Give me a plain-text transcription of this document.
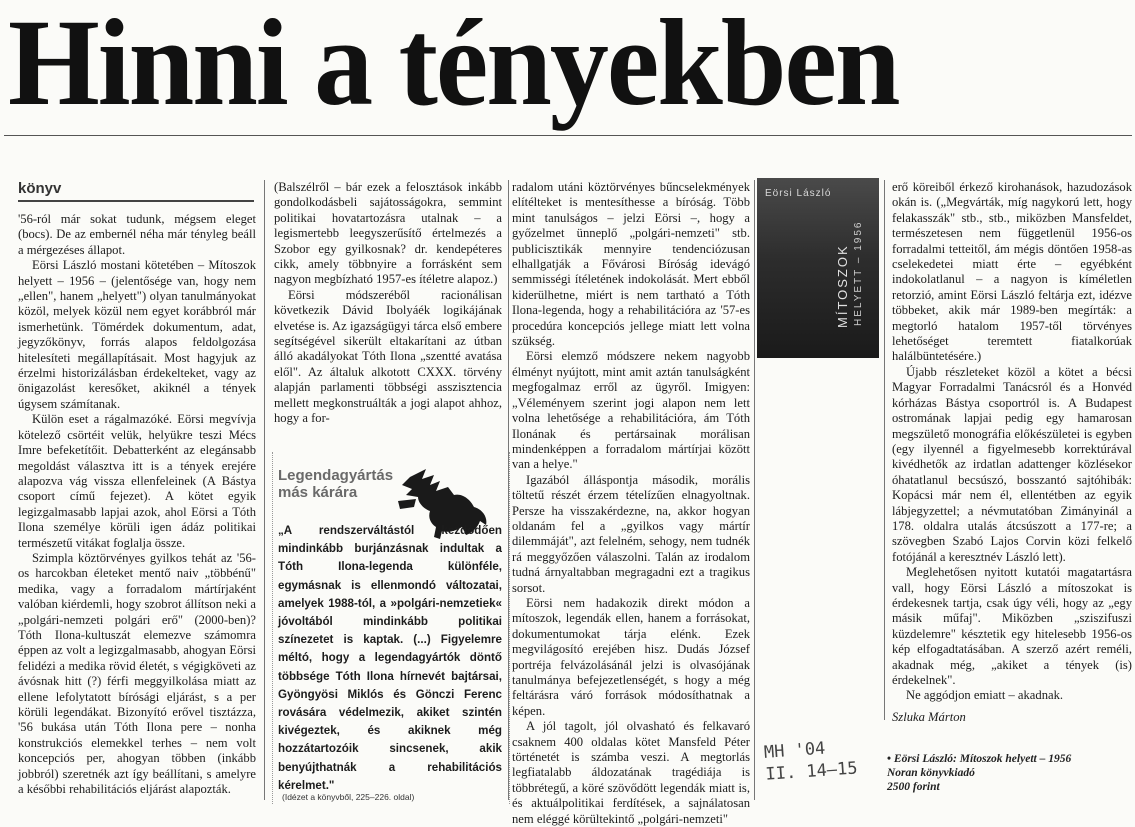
Hinni a tényekben
könyv

'56-ról már sokat tudunk, mégsem eleget (bocs). De az embernél néha már tényleg beáll a mérgezéses állapot.

Eörsi László mostani kötetében – Mítoszok helyett – 1956 – (jelentősége van, hogy nem „ellen", hanem „helyett") olyan tanulmányokat közöl, melyek közül nem egyet korábbról már ismerhetünk. Tömérdek dokumentum, adat, jegyzőkönyv, forrás alapos feldolgozása hitelesíteti megállapításait. Most hagyjuk az érzelmi historizálásban érdekelteket, vagy az önigazolást keresőket, akiknél a tények úgysem számítanak.

Külön eset a rágalmazóké. Eörsi megvívja kötelező csörtéit velük, helyükre teszi Mécs Imre befeketítőit. Debatterként az elegánsabb megoldást választva itt is a tények erejére alapozva vág vissza ellenfeleinek (A Bástya csoport című fejezet). A kötet egyik legizgalmasabb lapjai azok, ahol Eörsi a Tóth Ilona személye körüli igen ádáz politikai természetű vitákat foglalja össze.

Szimpla köztörvényes gyilkos tehát az '56-os harcokban életeket mentő naiv „többénű" medika, vagy a forradalom mártírjaként valóban kiérdemli, hogy szobrot állítson neki a „polgári-nemzeti polgári erő" (2000-ben)? Tóth Ilona-kultuszát elemezve számomra éppen az volt a legizgalmasabb, ahogyan Eörsi felidézi a medika rövid életét, s végigköveti az ávósnak hitt (?) férfi meggyilkolása miatt az ellene lefolytatott bírósági eljárást, s a per körüli legendákat. Bizonyító erővel tisztázza, '56 bukása után Tóth Ilona pere – nonha konstrukciós elemekkel terhes – nem volt koncepciós per, ahogyan többen (inkább jobbról) szeretnék azt így beállítani, s amelyre a későbbi rehabilitációs eljárást alapozták.

(Balszélről – bár ezek a felosztások inkább gondolkodásbeli sajátosságokra, semmint politikai hovatartozásra utalnak – a legismertebb leegyszerűsítő értelmezés a Szobor egy gyilkosnak? dr. kendepéteres cikk, amely többnyire a forrásként sem nagyon megbízható 1957-es ítéletre alapoz.)

Eörsi módszeréből racionálisan következik Dávid Ibolyáék logikájának elvetése is. Az igazságügyi tárca első embere segítségével sikerült eltakarítani az útban álló akadályokat Tóth Ilona „szentté avatása elől". Az általuk alkotott CXXX. törvény alapján parlamenti többségi asszisztencia mellett megkonstruálták a jogi alapot ahhoz, hogy a for-

Legendagyártás más kárára
„A rendszerváltástól kezdődően mindinkább burjánzásnak indultak a Tóth Ilona-legenda különféle, egymásnak is ellenmondó változatai, amelyek 1988-tól, a »polgári-nemzetiek« jóvoltából mindinkább politikai színezetet is kaptak. (...) Figyelemre méltó, hogy a legendagyártók döntő többsége Tóth Ilona hírnevét bajtársai, Gyöngyösi Miklós és Gönczi Ferenc rovására védelmezik, akiket szintén kivégeztek, és akiknek még hozzátartozóik sincsenek, akik benyújthatnák a rehabilitációs kérelmet."
(Idézet a könyvből, 225–226. oldal)

radalom utáni köztörvényes bűncselekmények elítélteket is mentesíthesse a bíróság. Több mint tanulságos – jelzi Eörsi –, hogy a győzelmet ünneplő „polgári-nemzeti" stb. publicisztikák mennyire tendenciózusan elhallgatják a Fővárosi Bíróság idevágó semmisségi ítéletének indokolását. Mert ebből kiderülhetne, miért is nem tartható a Tóth Ilona-legenda, hogy a rehabilitációra az '57-es procedúra koncepciós jellege miatt lett volna szükség.

Eörsi elemző módszere nekem nagyobb élményt nyújtott, mint amit aztán tanulságként megfogalmaz erről az ügyről. Imigyen: „Véleményem szerint jogi alapon nem lett volna lehetősége a rehabilitációra, ám Tóth Ilonának és pertársainak morálisan mindenképpen a forradalom mártírjai között van a helye."

Igazából álláspontja második, morális töltetű részét érzem tételízűen elnagyoltnak. Persze ha visszakérdezne, na, akkor hogyan oldanám fel a „gyilkos vagy mártír dilemmáját", azt felelném, sehogy, nem tudnék rá meggyőzően válaszolni. Talán az irodalom tudná árnyaltabban megragadni ezt a tragikus sorsot.

Eörsi nem hadakozik direkt módon a mítoszok, legendák ellen, hanem a forrásokat, dokumentumokat tárja elénk. Ezek megvilágosító erejében hisz. Dudás József portréja felvázolásánál jelzi is olvasójának tanulmánya befejezetlenségét, s hogy a még feltárásra váró források módosíthatnak a képen.

A jól tagolt, jól olvasható és felkavaró csaknem 400 oldalas kötet Mansfeld Péter történetét is számba veszi. A megtorlás legfiatalabb áldozatának tragédiája is többrétegű, a köré szövődött legendák miatt is, és aktuálpolitikai ferdítések, a sajnálatosan nem eléggé körültekintő „polgári-nemzeti"

Eörsi László
MÍTOSZOK HELYETT – 1956

erő köreiből érkező kirohanások, hazudozások okán is. („Megvárták, míg nagykorú lett, hogy felakasszák" stb., stb., miközben Mansfeldet, természetesen nem függetlenül 1956-os forradalmi tetteitől, ám mégis döntően 1958-as cselekedetei miatt érte – egyébként indokolatlanul – a nagyon is kíméletlen retorzió, amint Eörsi László feltárja ezt, idézve többeket, akik már 1989-ben megírták: a megtorló hatalom 1957-től törvényes lehetőséget teremtett fiatalkorúak halálbüntetésére.)

Újabb részleteket közöl a kötet a bécsi Magyar Forradalmi Tanácsról és a Honvéd kórházas Bástya csoportról is. A Budapest ostromának lapjai pedig egy hamarosan megszülető monográfia előkészületei is egyben (egy ilyennél a figyelmesebb korrektúrával kivédhetők az irdatlan adattenger közlésekor óhatatlanul becsúszó, bosszantó sajtóhibák: Kopácsi már nem él, ellentétben az egyik lábjegyzettel; a névmutatóban Zimányinál a 178. oldalra utalás átcsúszott a 177-re; a szövegben Szabó Lajos Corvin közi felkelő fotójánál a keresztnév László lett).

Meglehetősen nyitott kutatói magatartásra vall, hogy Eörsi László a mítoszokat is érdekesnek tartja, csak úgy véli, hogy az „egy másik műfaj". Miközben „sziszifuszi küzdelemre" késztetik egy hitelesebb 1956-os kép elfogadtatásában. A szerző azért reméli, akadnak még, „akiket a tények (is) érdekelnek".

Ne aggódjon emiatt – akadnak.

Szluka Márton
MH '04
II. 14–15	• Eörsi László: Mítoszok helyett – 1956
Noran könyvkiadó
2500 forint
